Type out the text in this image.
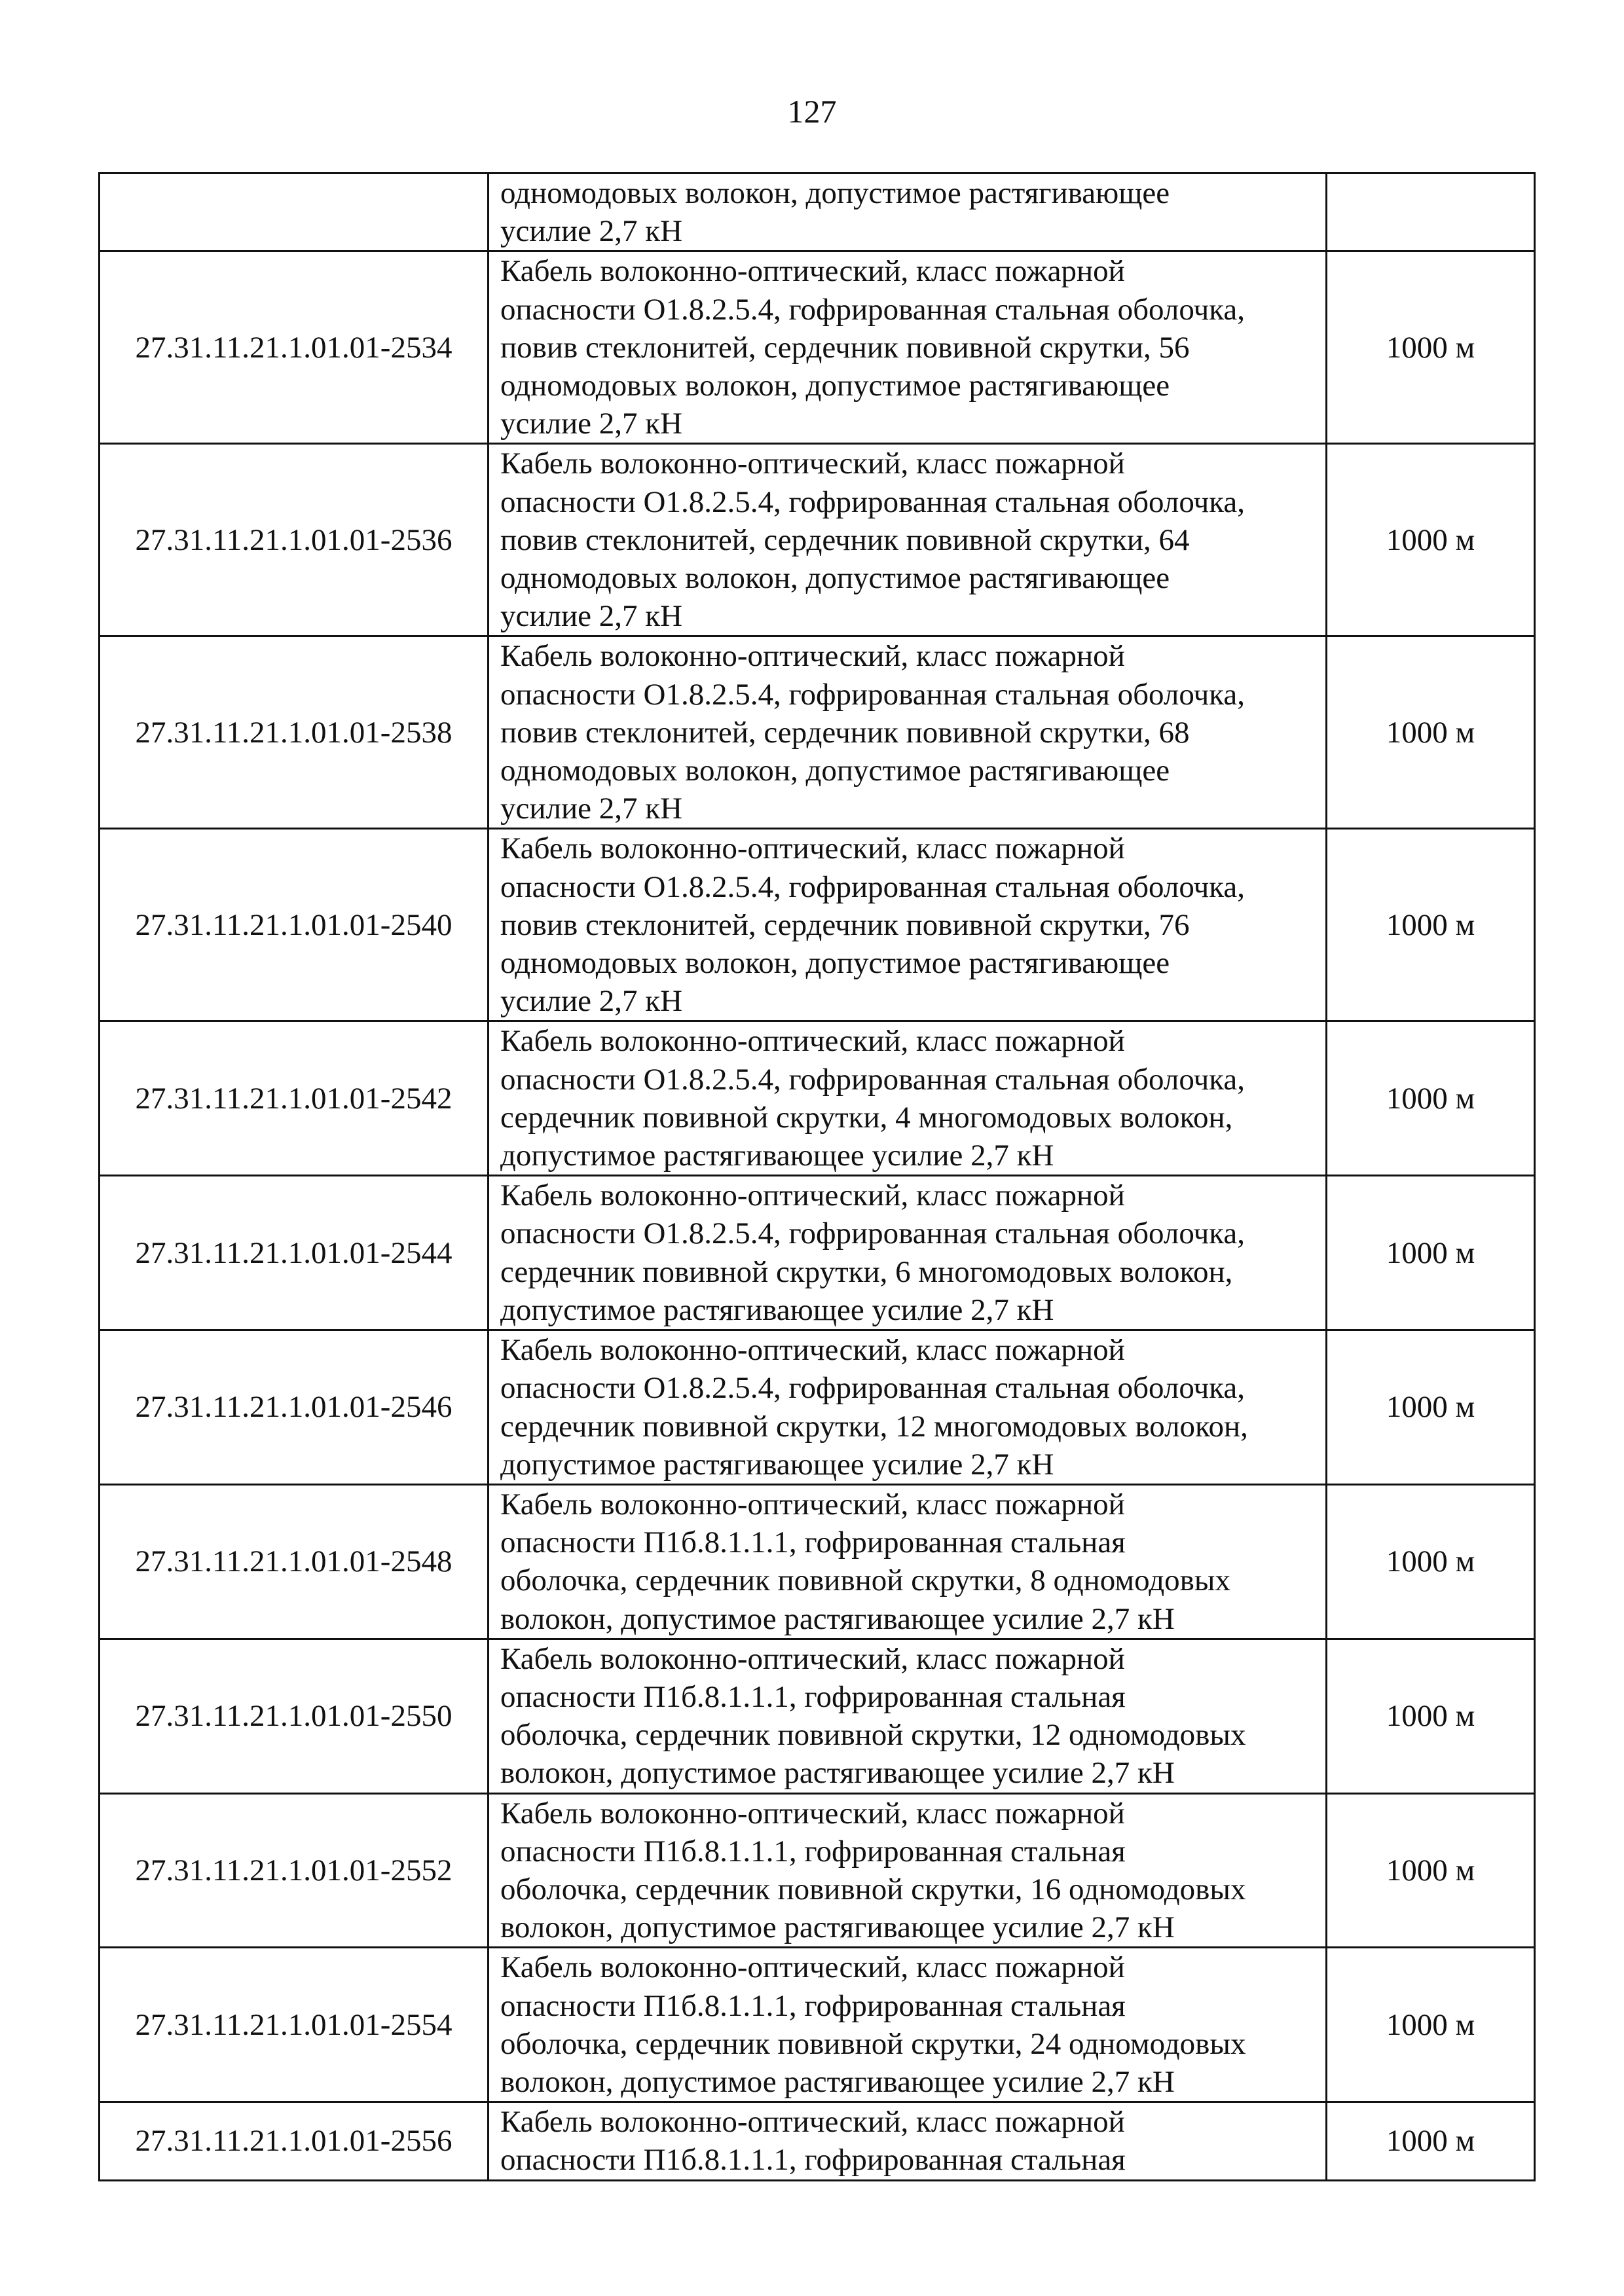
127

	одномодовых волокон, допустимое растягивающее
усилие 2,7 кН	

27.31.11.21.1.01.01-2534	Кабель волоконно-оптический, класс пожарной
опасности О1.8.2.5.4, гофрированная стальная оболочка,
повив стеклонитей, сердечник повивной скрутки, 56
одномодовых волокон, допустимое растягивающее
усилие 2,7 кН	1000 м
27.31.11.21.1.01.01-2536	Кабель волоконно-оптический, класс пожарной
опасности О1.8.2.5.4, гофрированная стальная оболочка,
повив стеклонитей, сердечник повивной скрутки, 64
одномодовых волокон, допустимое растягивающее
усилие 2,7 кН	1000 м
27.31.11.21.1.01.01-2538	Кабель волоконно-оптический, класс пожарной
опасности О1.8.2.5.4, гофрированная стальная оболочка,
повив стеклонитей, сердечник повивной скрутки, 68
одномодовых волокон, допустимое растягивающее
усилие 2,7 кН	1000 м
27.31.11.21.1.01.01-2540	Кабель волоконно-оптический, класс пожарной
опасности О1.8.2.5.4, гофрированная стальная оболочка,
повив стеклонитей, сердечник повивной скрутки, 76
одномодовых волокон, допустимое растягивающее
усилие 2,7 кН	1000 м
27.31.11.21.1.01.01-2542	Кабель волоконно-оптический, класс пожарной
опасности О1.8.2.5.4, гофрированная стальная оболочка,
сердечник повивной скрутки, 4 многомодовых волокон,
допустимое растягивающее усилие 2,7 кН	1000 м
27.31.11.21.1.01.01-2544	Кабель волоконно-оптический, класс пожарной
опасности О1.8.2.5.4, гофрированная стальная оболочка,
сердечник повивной скрутки, 6 многомодовых волокон,
допустимое растягивающее усилие 2,7 кН	1000 м
27.31.11.21.1.01.01-2546	Кабель волоконно-оптический, класс пожарной
опасности О1.8.2.5.4, гофрированная стальная оболочка,
сердечник повивной скрутки, 12 многомодовых волокон,
допустимое растягивающее усилие 2,7 кН	1000 м
27.31.11.21.1.01.01-2548	Кабель волоконно-оптический, класс пожарной
опасности П1б.8.1.1.1, гофрированная стальная
оболочка, сердечник повивной скрутки, 8 одномодовых
волокон, допустимое растягивающее усилие 2,7 кН	1000 м
27.31.11.21.1.01.01-2550	Кабель волоконно-оптический, класс пожарной
опасности П1б.8.1.1.1, гофрированная стальная
оболочка, сердечник повивной скрутки, 12 одномодовых
волокон, допустимое растягивающее усилие 2,7 кН	1000 м
27.31.11.21.1.01.01-2552	Кабель волоконно-оптический, класс пожарной
опасности П1б.8.1.1.1, гофрированная стальная
оболочка, сердечник повивной скрутки, 16 одномодовых
волокон, допустимое растягивающее усилие 2,7 кН	1000 м
27.31.11.21.1.01.01-2554	Кабель волоконно-оптический, класс пожарной
опасности П1б.8.1.1.1, гофрированная стальная
оболочка, сердечник повивной скрутки, 24 одномодовых
волокон, допустимое растягивающее усилие 2,7 кН	1000 м
27.31.11.21.1.01.01-2556	Кабель волоконно-оптический, класс пожарной
опасности П1б.8.1.1.1, гофрированная стальная	1000 м
